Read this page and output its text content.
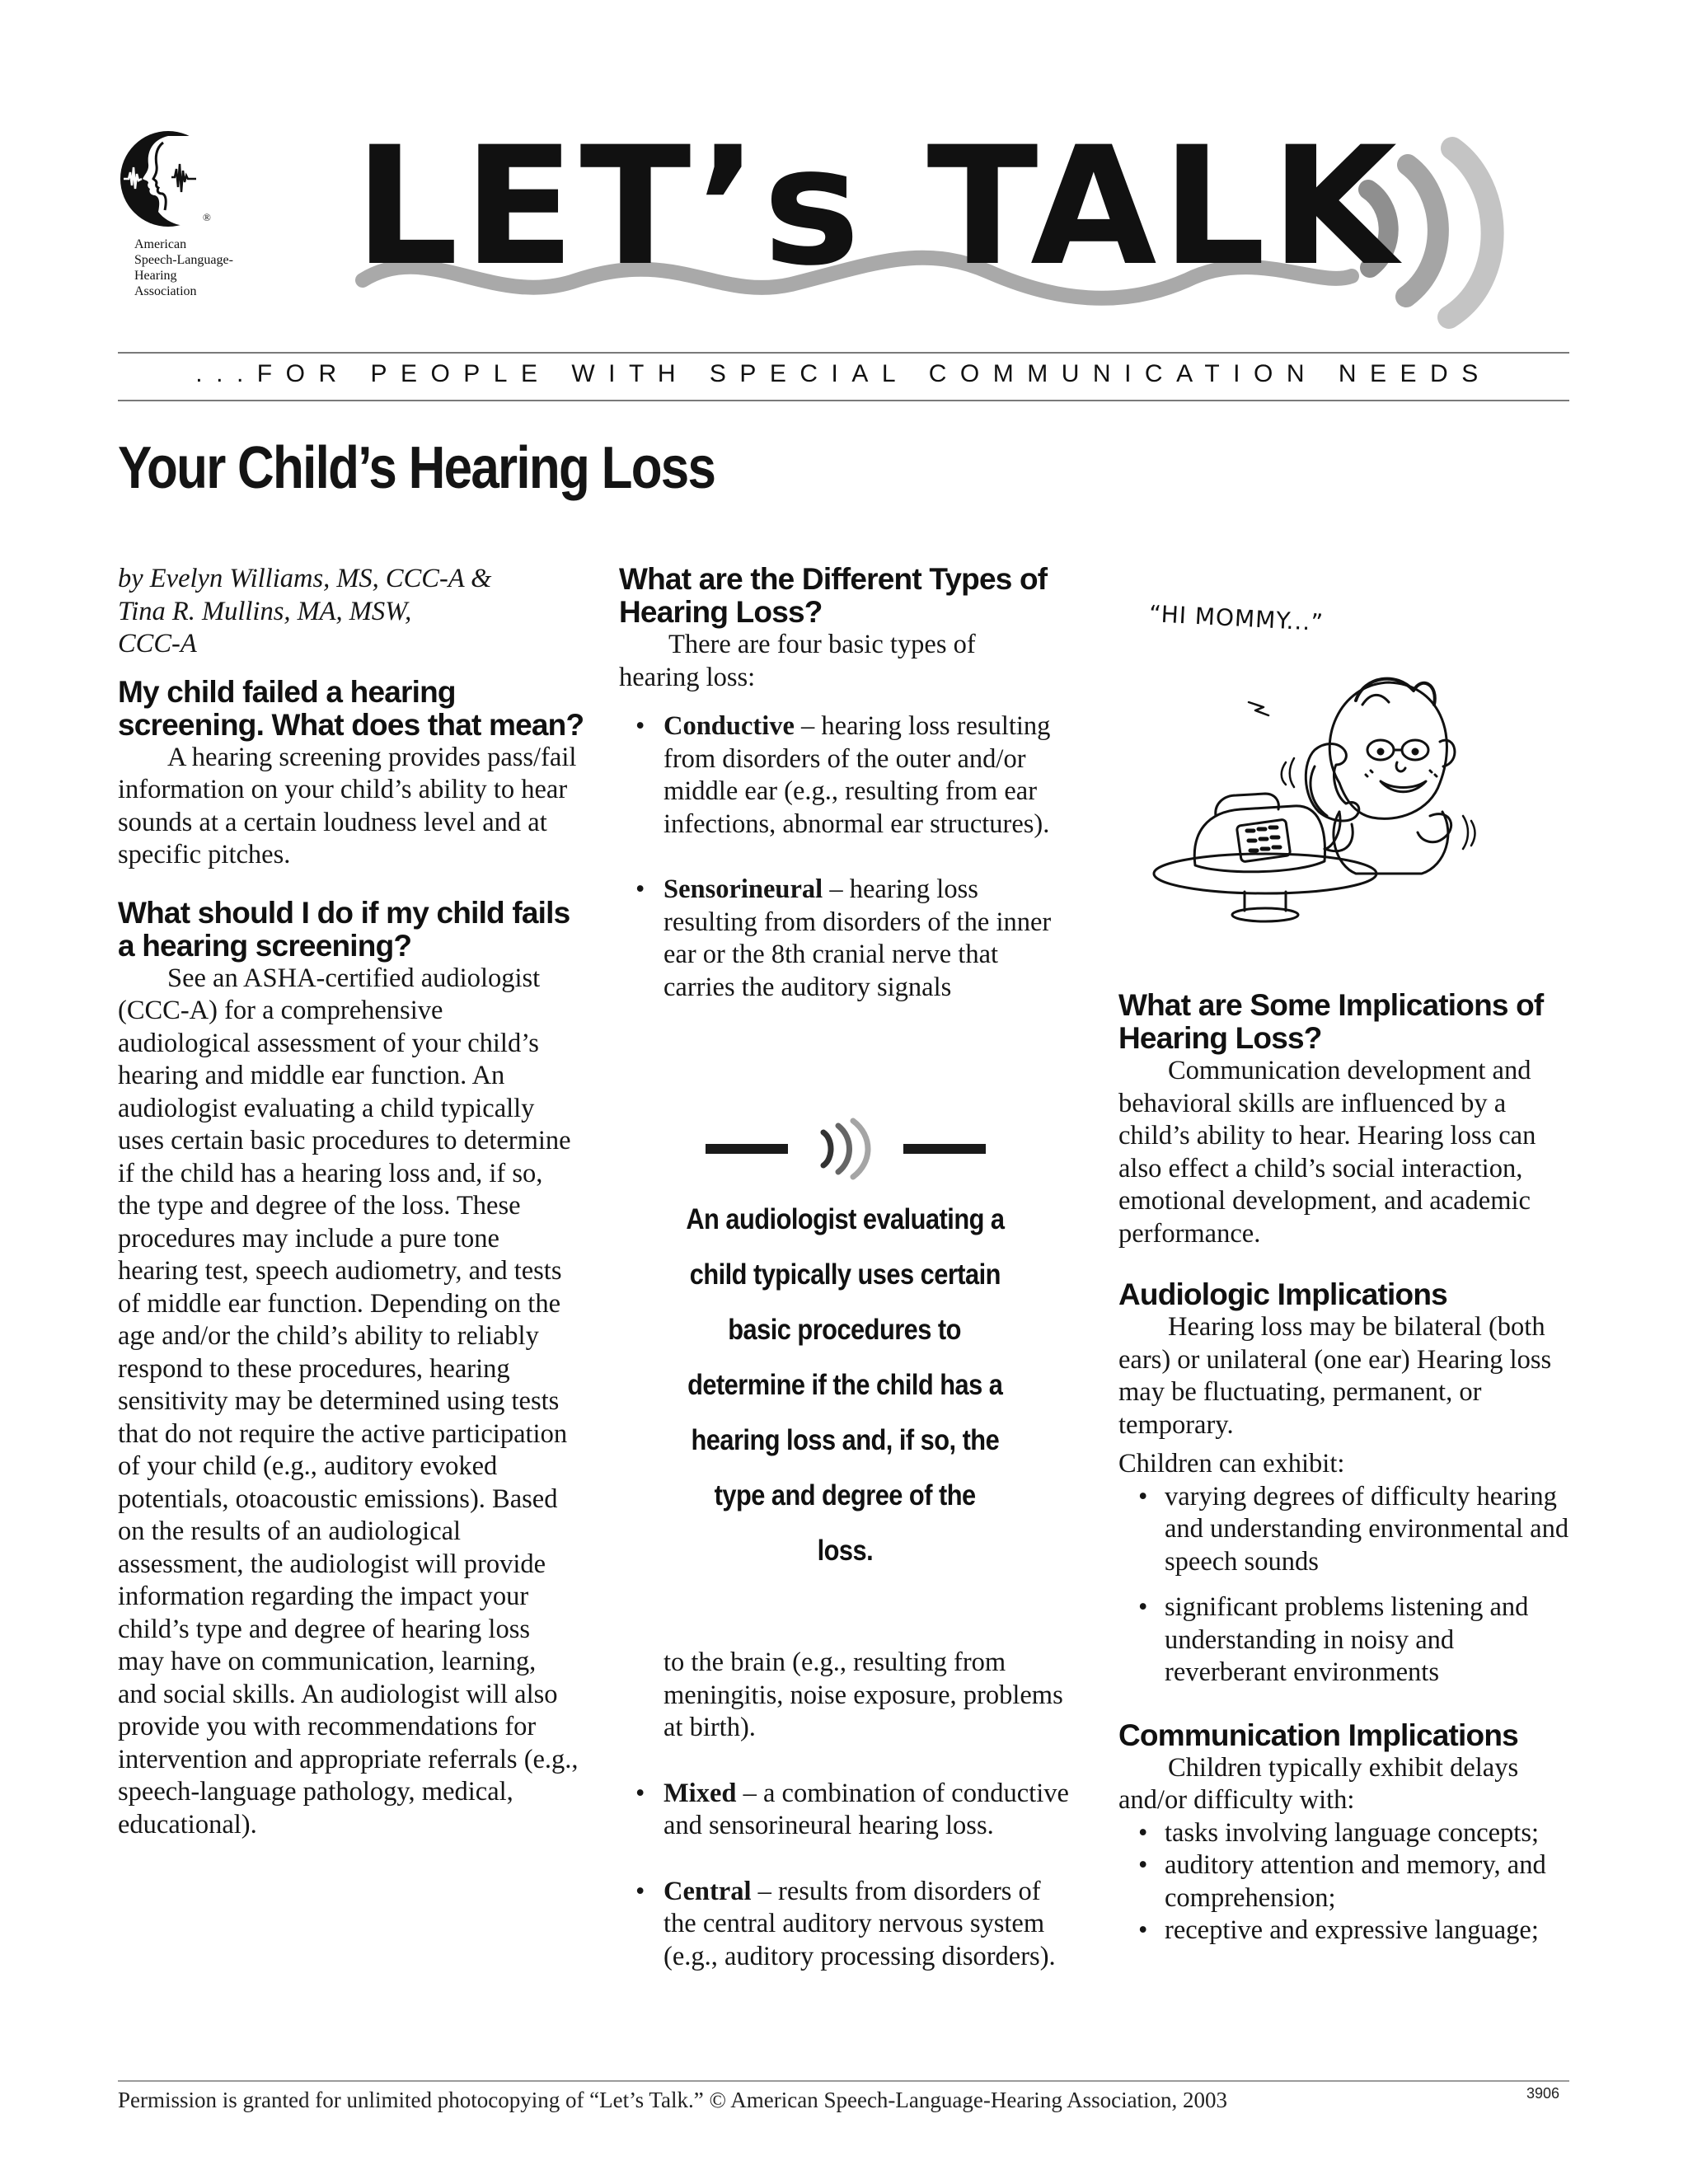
®
American
Speech-Language-
Hearing
Association LET’s TALK
...FOR PEOPLE WITH SPECIAL COMMUNICATION NEEDS
Your Child’s Hearing Loss

by Evelyn Williams, MS, CCC-A &

Tina R. Mullins, MA, MSW,

CCC-A

My child failed a hearing

screening. What does that mean?

A hearing screening provides pass/fail information on your child’s ability to hear sounds at a certain loudness level and at specific pitches.

What should I do if my child fails

a hearing screening?

See an ASHA-certified audiologist (CCC-A) for a comprehensive audiological assessment of your child’s hearing and middle ear function. An audiologist evaluating a child typically uses certain basic procedures to determine if the child has a hearing loss and, if so, the type and degree of the loss. These procedures may include a pure tone hearing test, speech audiometry, and tests of middle ear function. Depending on the age and/or the child’s ability to reliably respond to these procedures, hearing sensitivity may be determined using tests that do not require the active participation of your child (e.g., auditory evoked potentials, otoacoustic emissions). Based on the results of an audiological assessment, the audiologist will provide information regarding the impact your child’s type and degree of hearing loss may have on communication, learning, and social skills. An audiologist will also provide you with recommendations for intervention and appropriate referrals (e.g., speech-language pathology, medical, educational).

What are the Different Types of

Hearing Loss?

There are four basic types of hearing loss:

• Conductive – hearing loss resulting from disorders of the outer and/or middle ear (e.g., resulting from ear infections, abnormal ear structures).

• Sensorineural – hearing loss resulting from disorders of the inner ear or the 8th cranial nerve that carries the auditory signals

to the brain (e.g., resulting from meningitis, noise exposure, problems at birth).

• Mixed – a combination of conductive and sensorineural hearing loss.

• Central – results from disorders of the central auditory nervous system (e.g., auditory processing disorders).

An audiologist evaluating a
child typically uses certain
basic procedures to
determine if the child has a
hearing loss and, if so, the
type and degree of the
loss.
“HI MOMMY...”

What are Some Implications of

Hearing Loss?

Communication development and behavioral skills are influenced by a child’s ability to hear. Hearing loss can also effect a child’s social interaction, emotional development, and academic performance.

Audiologic Implications

Hearing loss may be bilateral (both ears) or unilateral (one ear) Hearing loss may be fluctuating, permanent, or temporary.

Children can exhibit:

• varying degrees of difficulty hearing and understanding environmental and speech sounds

• significant problems listening and understanding in noisy and reverberant environments

Communication Implications

Children typically exhibit delays and/or difficulty with:

• tasks involving language concepts;

• auditory attention and memory, and comprehension;

• receptive and expressive language;

Permission is granted for unlimited photocopying of “Let’s Talk.” © American Speech-Language-Hearing Association, 2003	3906
